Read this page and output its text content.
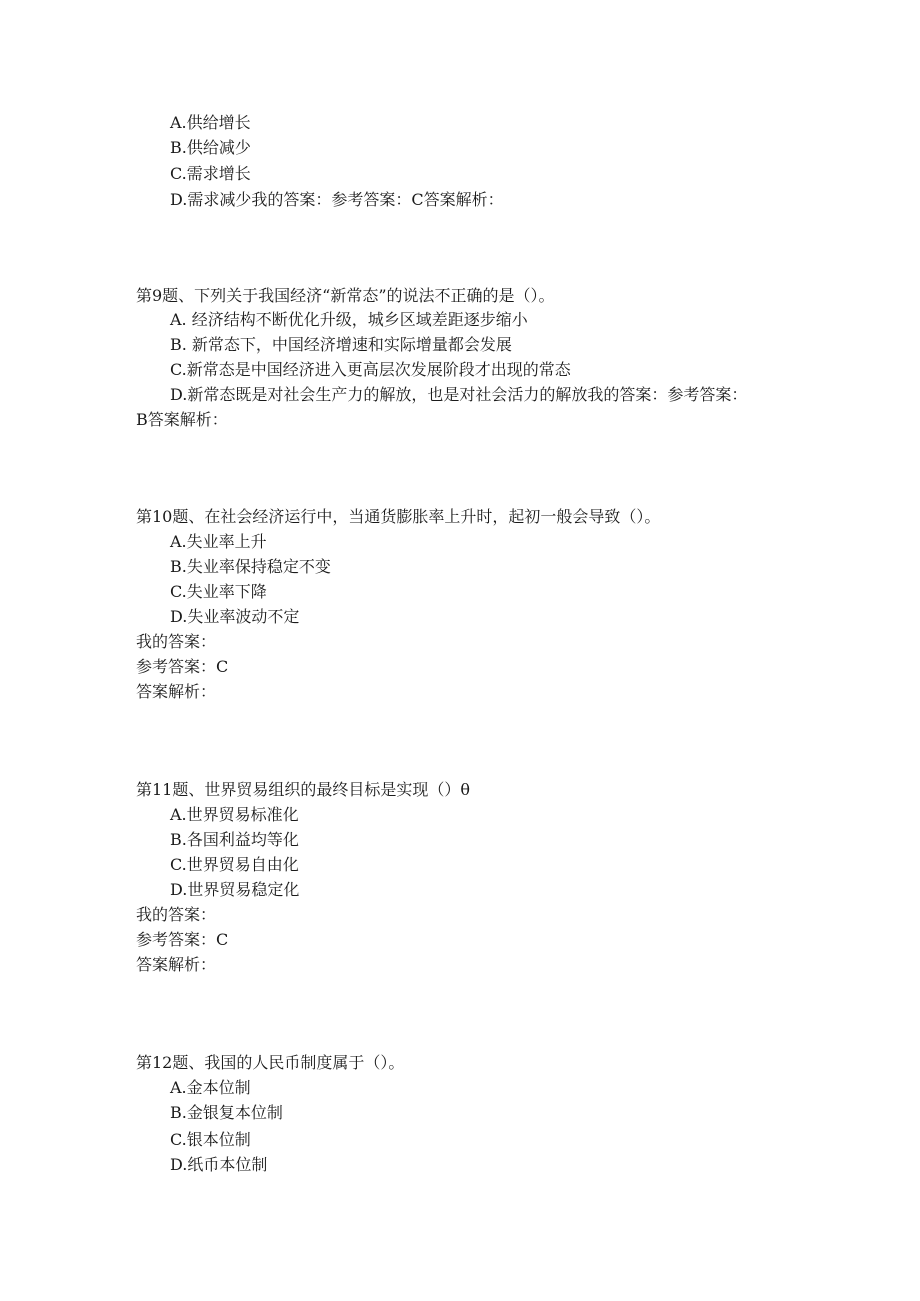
A.供给增长
B.供给减少
C.需求增长
D.需求减少我的答案：参考答案：C答案解析：
第9题、下列关于我国经济“新常态”的说法不正确的是（）。
A. 经济结构不断优化升级，城乡区域差距逐步缩小
B. 新常态下，中国经济增速和实际增量都会发展
C.新常态是中国经济进入更高层次发展阶段才出现的常态
D.新常态既是对社会生产力的解放，也是对社会活力的解放我的答案：参考答案：
B答案解析：
第10题、在社会经济运行中，当通货膨胀率上升时，起初一般会导致（）。
A.失业率上升
B.失业率保持稳定不变
C.失业率下降
D.失业率波动不定
我的答案：
参考答案：C
答案解析：
第11题、世界贸易组织的最终目标是实现（）θ
A.世界贸易标准化
B.各国利益均等化
C.世界贸易自由化
D.世界贸易稳定化
我的答案：
参考答案：C
答案解析：
第12题、我国的人民币制度属于（）。
A.金本位制
B.金银复本位制
C.银本位制
D.纸币本位制
